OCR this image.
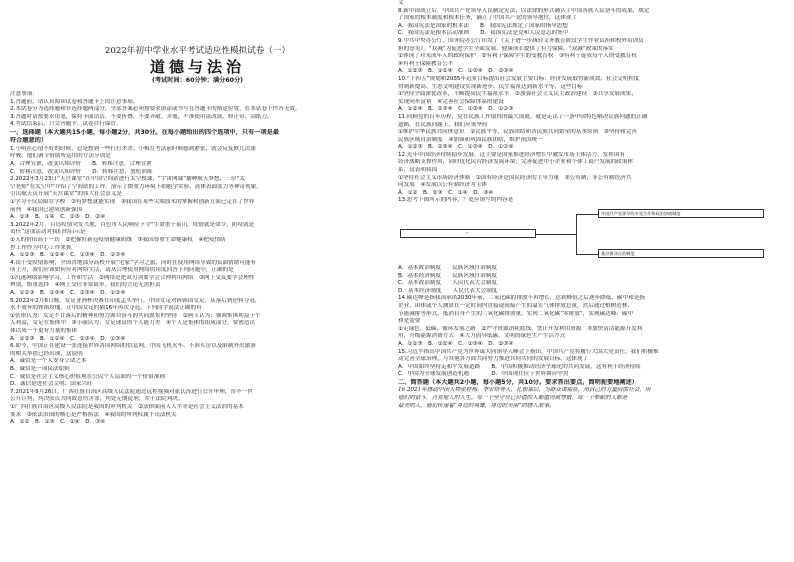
2022年初中学业水平考试适应性模拟试卷（一）
道德与法治
(考试时间：60分钟；满分60分)
注意事项：
1.答题前，请认真阅读试卷和答题卡上的注意事项。
2.本试卷分为选择题和非选择题两部分，全部答案必须按要求填涂或书写在答题卡的指定位置，在本试卷上作答无效。
3.答题时请按要求用笔，保持卡面清洁，不要折叠，不要弄破、弄皱，不准使用涂改液、修正带、刮纸刀。
4.考试结束后，只交答题卡，试卷自行保管。
一、选择题（本大题共15小题，每小题2分，共30分。在每小题给出的四个选项中，只有一项是最
符合题意的）
1.小明在心情不好的时候，总是想到一些打打杀杀；小梅在考试前时候感到紧张，就会反复默几次深
呼吸。他们调节情绪所运用的方法分别是
A．合理宣泄，改变认知评价　　B．转移注意，合理宣泄
C．转移注意，改变认知评价　　D．转移注意，放松训练
2.2022年3月23日“天宫课堂”在中国空间站进行太空授课，“宇宙网课”播种航天梦想，三位“太
空老师”在太空中“介绍了空间站的工作，演示了微重力环境下细胞学实验、液体表面张力等神奇现象，
引出航天员开展“天宫课堂”的伟大社会意义是
①学习不仅局限在学校　②有梦想就能实现　③我国在某些尖端技术的掌握和创新方面已走在了世界
前列　④我国已建成创新强国
A．①③　B．①④　C．②③　D．②④
3.2022年2月，百岛疫情突发当地，百色市人民响应下令“生命重于泰山，疫情就是命令，防疫就是
责任”这项活动对我们的启示是
①人的价值高于一切　②把握好新冠疫情健康防线　③我国尊重生命健康权　④把疫情防
控工作作为中心工作来抓
A．①②③　B．①②④　C．①③④　D．②③④
4.由于受疫情影响，全国各地部分高校开展“宅家”学习之旅，同时在使用网络导致的负面情绪可能有
所上升，我们应该如何应对网络生活，请从合理使用网络的角度回答下列问题中，正确的是
①沉迷网络影响学习、工作和生活　②网络是把双刃剑要学会合理利用网络　③网上交友要学会理性
辨别，慎重选择　④网上交往非常简单，我们的言论无需担责
A．①②③　B．①③④　C．②③④　D．①②④
5.2022年2月6日晚，女足亚洲杯决赛在印度孟买举行，中国女足对阵韩国女足。从落后到逆转夺冠，
永不放弃的铿锵玫瑰，让中国女足时隔16年再次夺冠。下列同学说法正确的有
①张依认为：女足不甘落后的精神和努力源自奋斗的共同愿景的坚持　②阿玉认为：强调集体利益于个
人利益，女足在集体中　③小丽认为：女足球员的个人能力差　④个人是集体的组成部分，要创造出
体以成一个更有力量的集体
A．①②③　B．①②④　C．②③④　D．①③④
6.如今，中国正在建设一张连接世界各国网络的信息网，中国飞机火车、不准买房以及限制外出旅游
的相关举措已经出现，这说明
A．诚信是一个人安身立命之本
B．诚信是一项民法原则
C．诚信是社会主义核心价值观在公民个人层面的一个价值准则
D．诚信是进社会文明、国家兴旺
7.2021年9月26日，广西壮族自治区高级人民法院通过远程视频对张氏浑进行公开审理，浑辛一世
公开宣判，判决张氏共同故意伤害罪，判处无期徒刑，并于法院判决。
①广西壮族自治区高级人民法院是我国的审判机关　②法律面前人人平等是社会主义法治的基本
要求　③依法治国的核心是严格执法　④我国的审判权属于司法机关
A．①②　B．①③　C．②④　D．③④
义
8.新中国成立后，中国共产党领导人民制定宪法，以法律的形式确认了中国各族人民奋斗的成果，规定
了国家的根本制度和根本任务，确立了中国共产党的领导地位，这体现了
A．我国宪法是国家的根本法　　B．我国宪法规定了国家的指导思想
C．我国宪法是根本活动准则　　D．我国宪法是党和人民意志的集中
9.中共中央办公厅、国务院办公厅印发了《关于进一步减轻义务教育阶段学生作业负担和校外培训负
担的意见》，“双减”为促进学生全面发展、健康成长提供了有力保障。“双减”政策的落实
①体现了对未成年人的政府保护　②有利于保障学生的受教育权　③有利于促成每个人的受教育权
④有利于保障教育公平
A．①②③　B．①②④　C．①③④　D．②③④
10.“十四五”规划和2035年远景目标提出社会发展主要目标：经济发展取得新成效、社会文明程度
得到新提高、生态文明建设实现新进步、民生福祉达到新水平等，这些目标
①坚持全面深化改革，不断提高民生福祉水平　②加强社会主义民主政治建设　③共享发展成果，
实现同步富裕　④完善社会保障体系的建设
A．①②④　B．②③④　C．①③④　D．①②③
11.回顾党的百年历程，党在民族工作取得的最大成就，就是走出了一条中国特色解决民族问题的正确
道路，在民族问题上，我们应该坚持
①维护中华民族共同体意识　②民族平等、民族团结和各民族共同繁荣的基本原则　③坚持和完善
民族区域自治制度　④加强和巩固民族团结，维护祖国统一
A．①②③　B．②③④　C．①③④　D．①②④
12.近年中国经济持续稳步发展，这主要是国家推进经济增长中激发市场主体活力，发挥国有
经济战略支撑作用，同时优化民营经济发展环境，完善促进中小企业和个体工商户发展的政策体
系，这表明我国
①坚持社会主义市场经济体制　②国有经济是国民经济的主导力量　③公有制，非公有制经济共
同发展　④发展以公有制经济为主体
A．①②　B．②③　C．①④　D．③④
13.思考下图所示的内容，？处应填写的内容是
中国共产党领导的多党合作和政治协商制度
？
基层群众自治制度
A．基本政治制度　　民族区域自治制度
B．基本经济制度　　民族区域自治制度
C．基本政治制度　　人民代表大会制度
D．基本经济制度　　人民代表大会制度
14.碳达峰是指我国承诺2030年前，二氧化碳的排放不再增长，达到峰值之后逐步降低。碳中和是指
企业、团体或个人测算在一定时间内直接或间接产生的温室气体排放总量，然后通过植树造林、
节能减排等形式，抵消自身产生的二氧化碳排放量，实现二氧化碳“零排放”，实现碳达峰、碳中
和是需要
①走绿色、低碳、循环发展之路　②严守资源消耗底线，禁止开发利用资源　③加快清洁能源开发利
用，升级能源消费方式　④大力倡导低碳、文明的绿色生产生活方式
A．①②③　B．①②④　C．①③④　D．②③④
15.习近平指出中国共产党为世界谋大同领导人峰会上指出，中国共产党将履行大国大党责任，我们积极推
动完善全球治理，与其他各方面共同努力推进共同共同的发展目标，这体现了
A．中国始终坚持走和平发展道路　　B．中国积极推动经济全球化的共同发展，这有利于经济持续
C．中国为全球发展创造机遇　　　　D．中国现在位于世界舞台中央
二、简答题（本大题共2小题，每小题5分，共10分。要求答出要点，简明扼要地阐述）
16.2021年感动中国人物张桂梅，李宏塔等人，扎根基层，为群众谋福祉，用自己的力量回馈社会，用
他们的奋斗，点亮他人的人生。每一个坚守自己价值的人都值得被尊敬，每一个奉献的人都是
最美的人。他们传递着“身边的英雄，身边的美丽”的感人故事。
